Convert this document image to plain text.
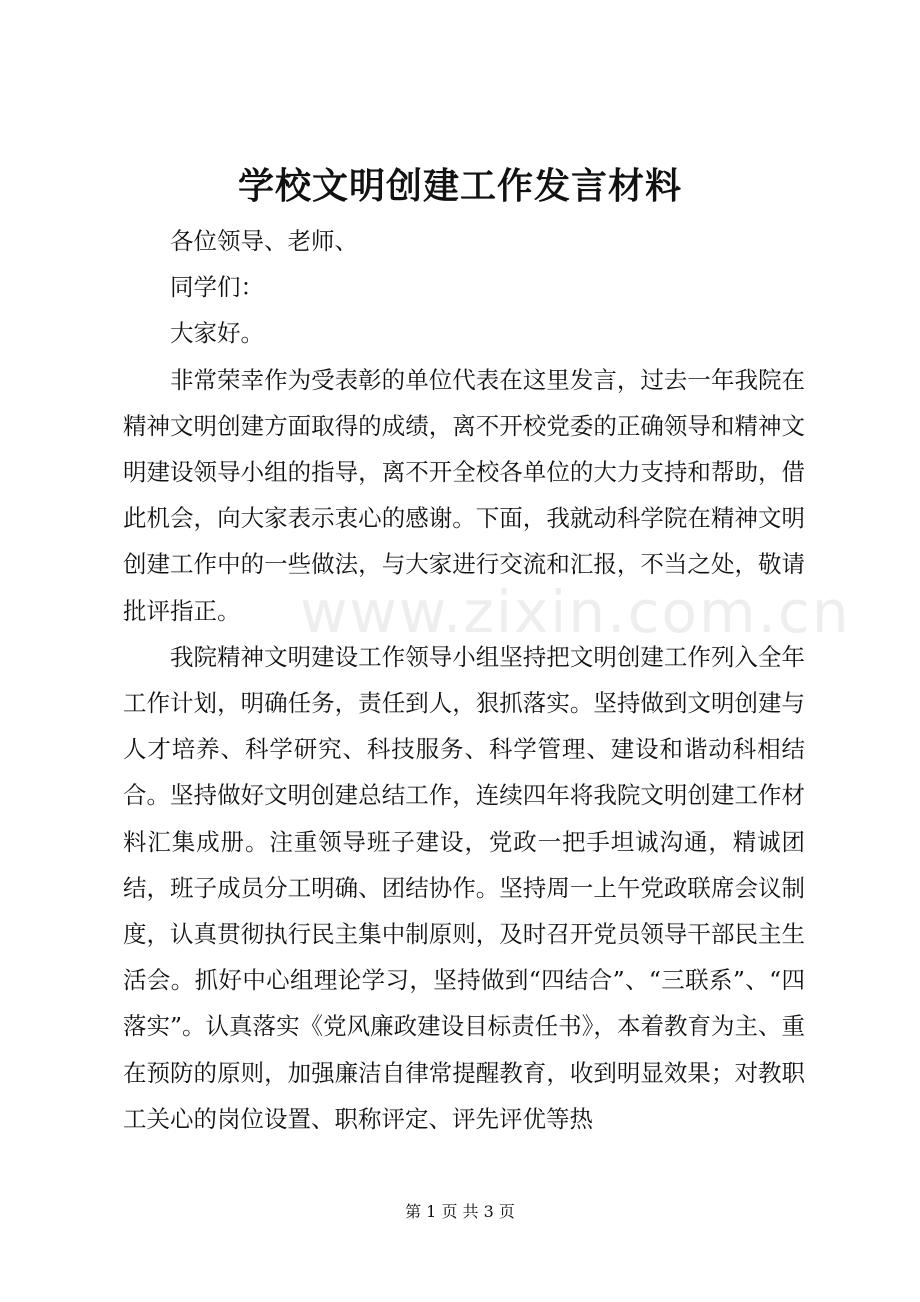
学校文明创建工作发言材料
www.zixin.com.cn

各位领导、老师、

同学们：

大家好。

非常荣幸作为受表彰的单位代表在这里发言，过去一年我院在精神文明创建方面取得的成绩，离不开校党委的正确领导和精神文明建设领导小组的指导，离不开全校各单位的大力支持和帮助，借此机会，向大家表示衷心的感谢。下面，我就动科学院在精神文明创建工作中的一些做法，与大家进行交流和汇报，不当之处，敬请批评指正。

我院精神文明建设工作领导小组坚持把文明创建工作列入全年工作计划，明确任务，责任到人，狠抓落实。坚持做到文明创建与人才培养、科学研究、科技服务、科学管理、建设和谐动科相结合。坚持做好文明创建总结工作，连续四年将我院文明创建工作材料汇集成册。注重领导班子建设，党政一把手坦诚沟通，精诚团结，班子成员分工明确、团结协作。坚持周一上午党政联席会议制度，认真贯彻执行民主集中制原则，及时召开党员领导干部民主生活会。抓好中心组理论学习，坚持做到“四结合”、“三联系”、“四落实”。认真落实《党风廉政建设目标责任书》，本着教育为主、重在预防的原则，加强廉洁自律常提醒教育，收到明显效果；对教职工关心的岗位设置、职称评定、评先评优等热

第 1 页 共 3 页
